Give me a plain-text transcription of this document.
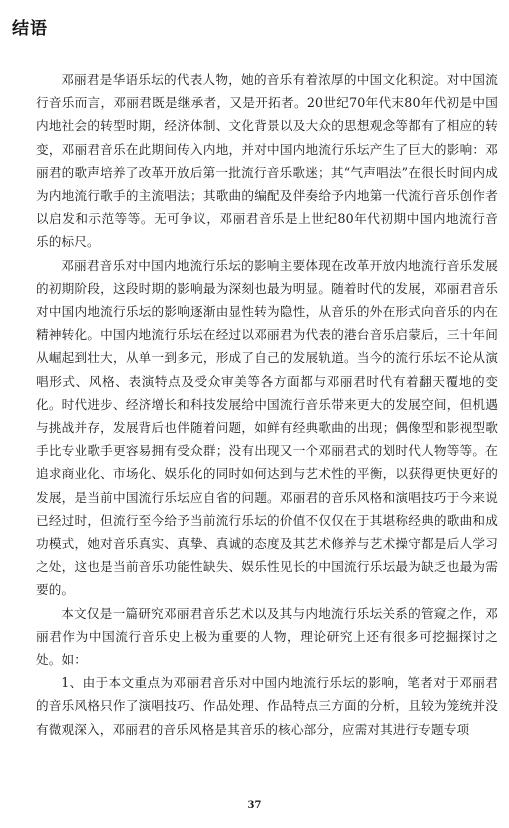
结语

邓丽君是华语乐坛的代表人物，她的音乐有着浓厚的中国文化积淀。对中国流行音乐而言，邓丽君既是继承者，又是开拓者。20世纪70年代末80年代初是中国内地社会的转型时期，经济体制、文化背景以及大众的思想观念等都有了相应的转变，邓丽君音乐在此期间传入内地，并对中国内地流行乐坛产生了巨大的影响：邓丽君的歌声培养了改革开放后第一批流行音乐歌迷；其“气声唱法”在很长时间内成为内地流行歌手的主流唱法；其歌曲的编配及伴奏给予内地第一代流行音乐创作者以启发和示范等等。无可争议，邓丽君音乐是上世纪80年代初期中国内地流行音乐的标尺。

邓丽君音乐对中国内地流行乐坛的影响主要体现在改革开放内地流行音乐发展的初期阶段，这段时期的影响最为深刻也最为明显。随着时代的发展，邓丽君音乐对中国内地流行乐坛的影响逐渐由显性转为隐性，从音乐的外在形式向音乐的内在精神转化。中国内地流行乐坛在经过以邓丽君为代表的港台音乐启蒙后，三十年间从崛起到壮大，从单一到多元，形成了自己的发展轨道。当今的流行乐坛不论从演唱形式、风格、表演特点及受众审美等各方面都与邓丽君时代有着翻天覆地的变化。时代进步、经济增长和科技发展给中国流行音乐带来更大的发展空间，但机遇与挑战并存，发展背后也伴随着问题，如鲜有经典歌曲的出现；偶像型和影视型歌手比专业歌手更容易拥有受众群；没有出现又一个邓丽君式的划时代人物等等。在追求商业化、市场化、娱乐化的同时如何达到与艺术性的平衡，以获得更快更好的发展，是当前中国流行乐坛应自省的问题。邓丽君的音乐风格和演唱技巧于今来说已经过时，但流行至今给予当前流行乐坛的价值不仅仅在于其堪称经典的歌曲和成功模式，她对音乐真实、真挚、真诚的态度及其艺术修养与艺术操守都是后人学习之处，这也是当前音乐功能性缺失、娱乐性见长的中国流行乐坛最为缺乏也最为需要的。

本文仅是一篇研究邓丽君音乐艺术以及其与内地流行乐坛关系的管窥之作，邓丽君作为中国流行音乐史上极为重要的人物，理论研究上还有很多可挖掘探讨之处。如：

1、由于本文重点为邓丽君音乐对中国内地流行乐坛的影响，笔者对于邓丽君的音乐风格只作了演唱技巧、作品处理、作品特点三方面的分析，且较为笼统并没有微观深入，邓丽君的音乐风格是其音乐的核心部分，应需对其进行专题专项

37
